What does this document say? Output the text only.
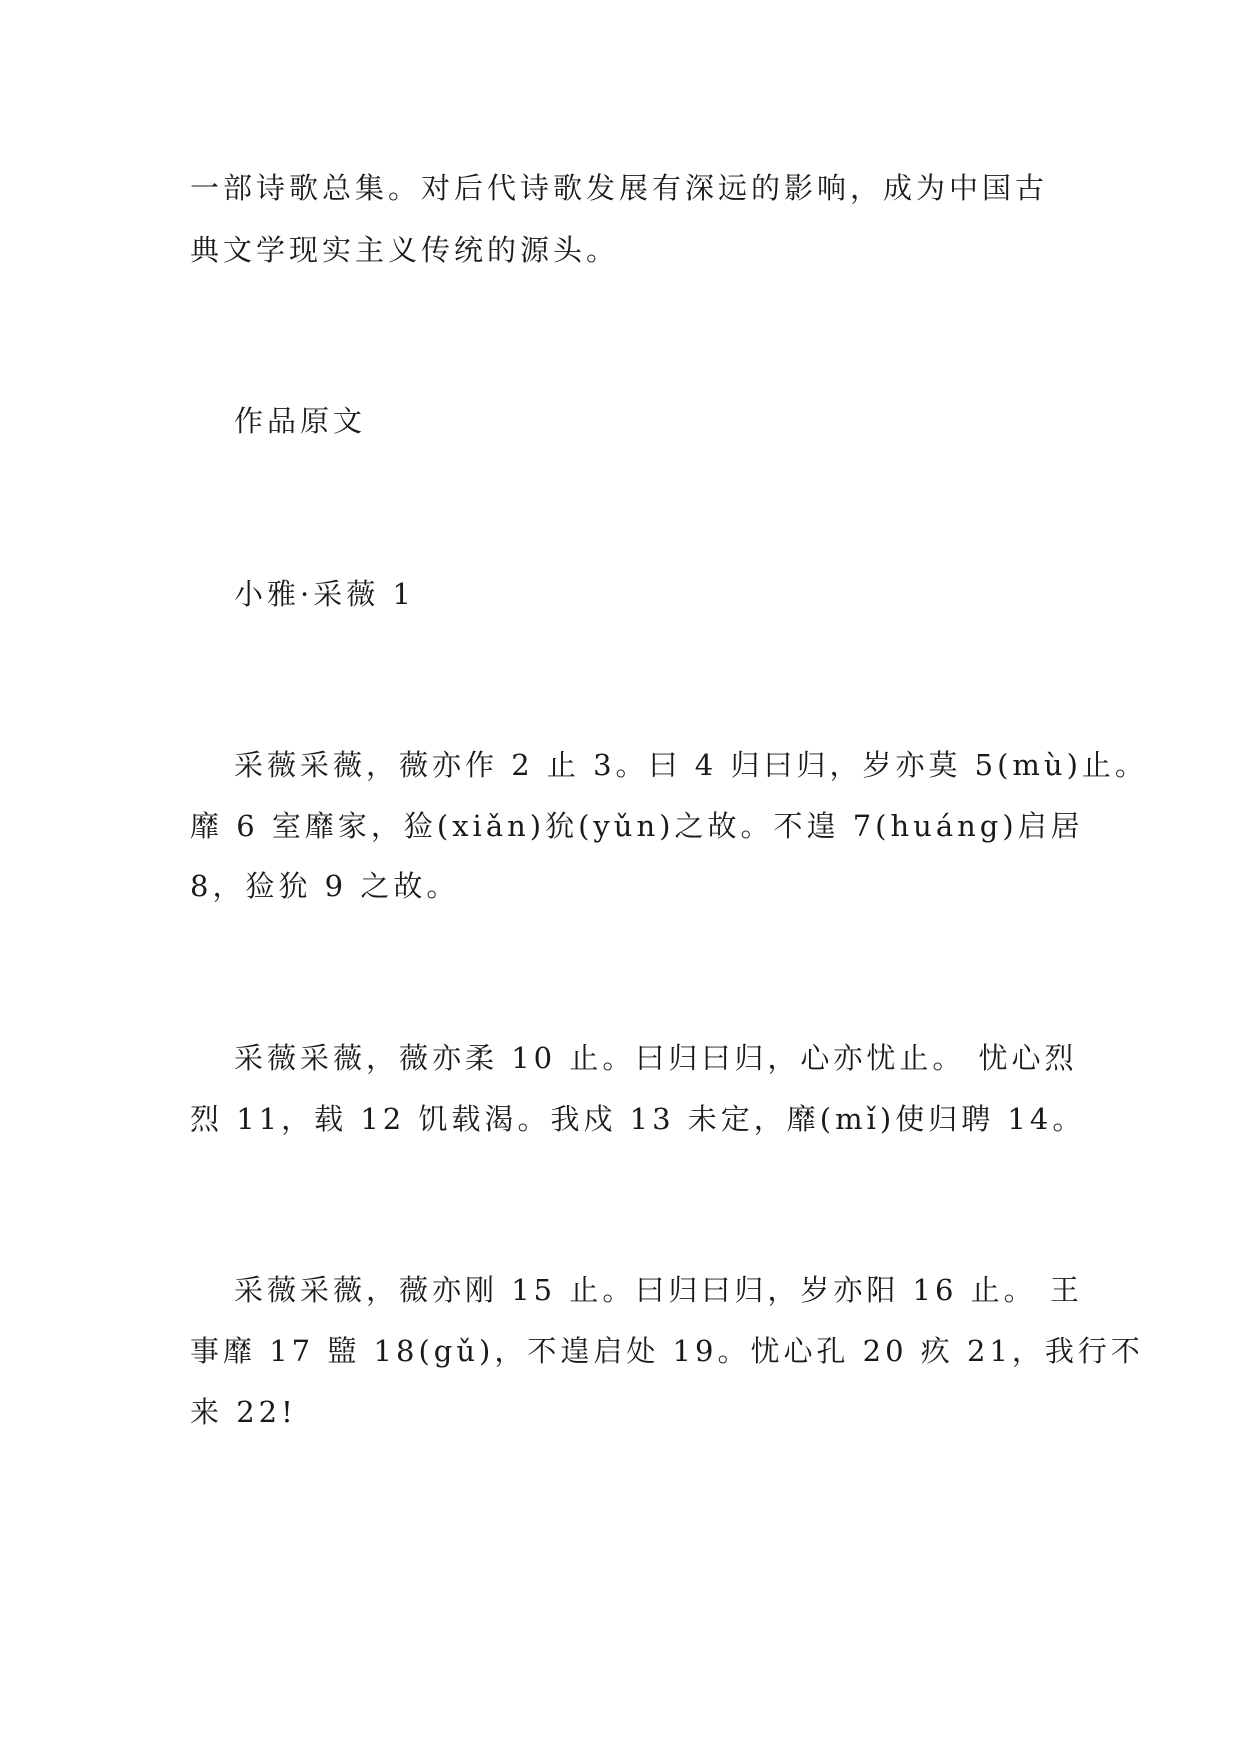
一部诗歌总集。对后代诗歌发展有深远的影响，成为中国古
典文学现实主义传统的源头。
作品原文
小雅·采薇 1
采薇采薇，薇亦作 2 止 3。曰 4 归曰归，岁亦莫 5(mù)止。
靡 6 室靡家，猃(xiǎn)狁(yǔn)之故。不遑 7(huáng)启居
8，猃狁 9 之故。
采薇采薇，薇亦柔 10 止。曰归曰归，心亦忧止。 忧心烈
烈 11，载 12 饥载渴。我戍 13 未定，靡(mǐ)使归聘 14。
采薇采薇，薇亦刚 15 止。曰归曰归，岁亦阳 16 止。 王
事靡 17 盬 18(gǔ)，不遑启处 19。忧心孔 20 疚 21，我行不
来 22!
